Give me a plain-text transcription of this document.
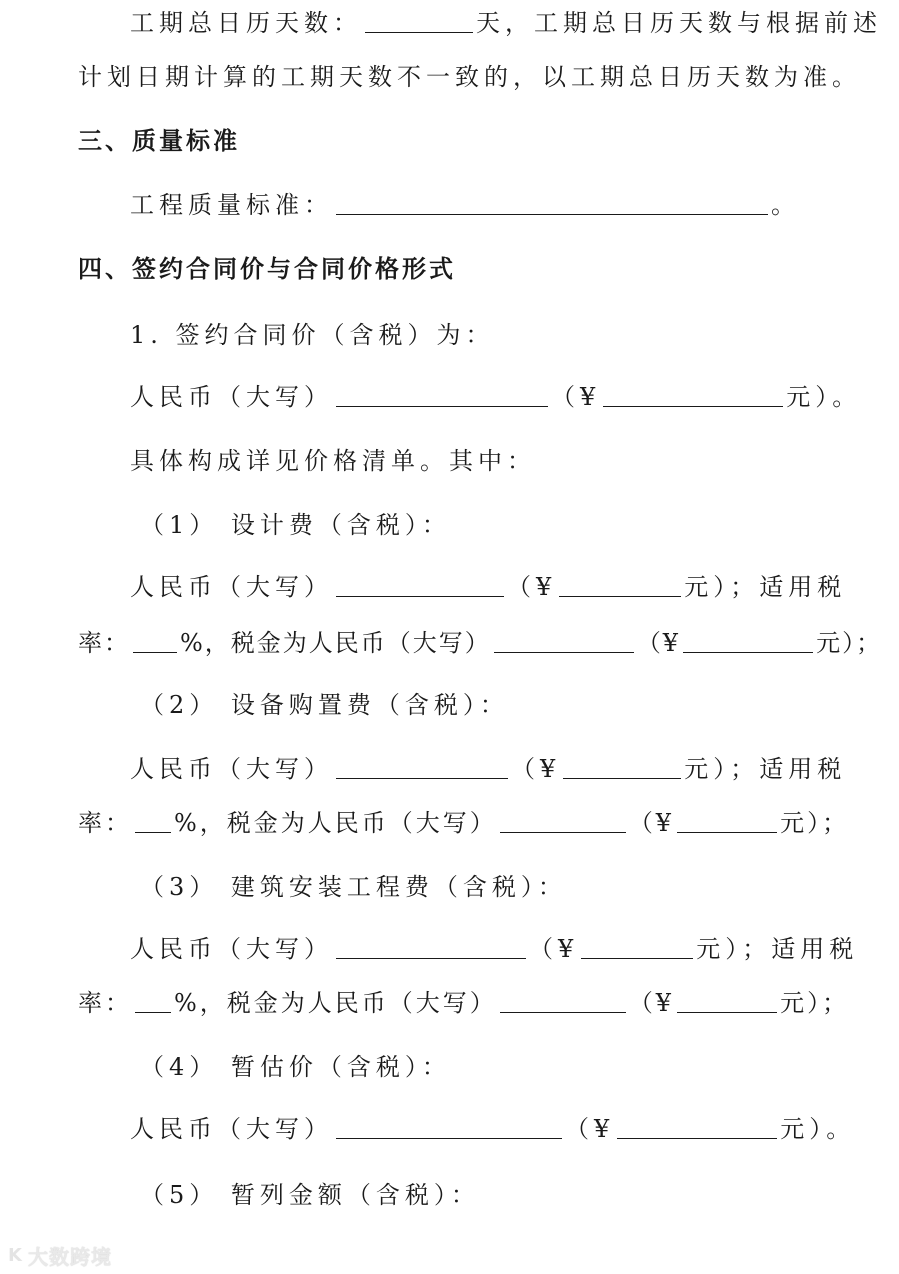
工期总日历天数：	天，工期总日历天数与根据前述
计划日期计算的工期天数不一致的，以工期总日历天数为准。
三、质量标准
工程质量标准：	。
四、签约合同价与合同价格形式
1. 签约合同价（含税）为：
人民币（大写）	（¥	元）。
具体构成详见价格清单。其中：
（1） 设计费（含税）：
人民币（大写）	（¥	元）；适用税
率： %，税金为人民币（大写）	（¥	元）；
（2） 设备购置费（含税）：
人民币（大写）	（¥	元）；适用税
率： %，税金为人民币（大写）	（¥	元）；
（3） 建筑安装工程费（含税）：
人民币（大写）	（¥	元）；适用税
率： %，税金为人民币（大写）	（¥	元）；
（4） 暂估价（含税）：
人民币（大写）	（¥	元）。
（5） 暂列金额（含税）：
K 大数跨境
